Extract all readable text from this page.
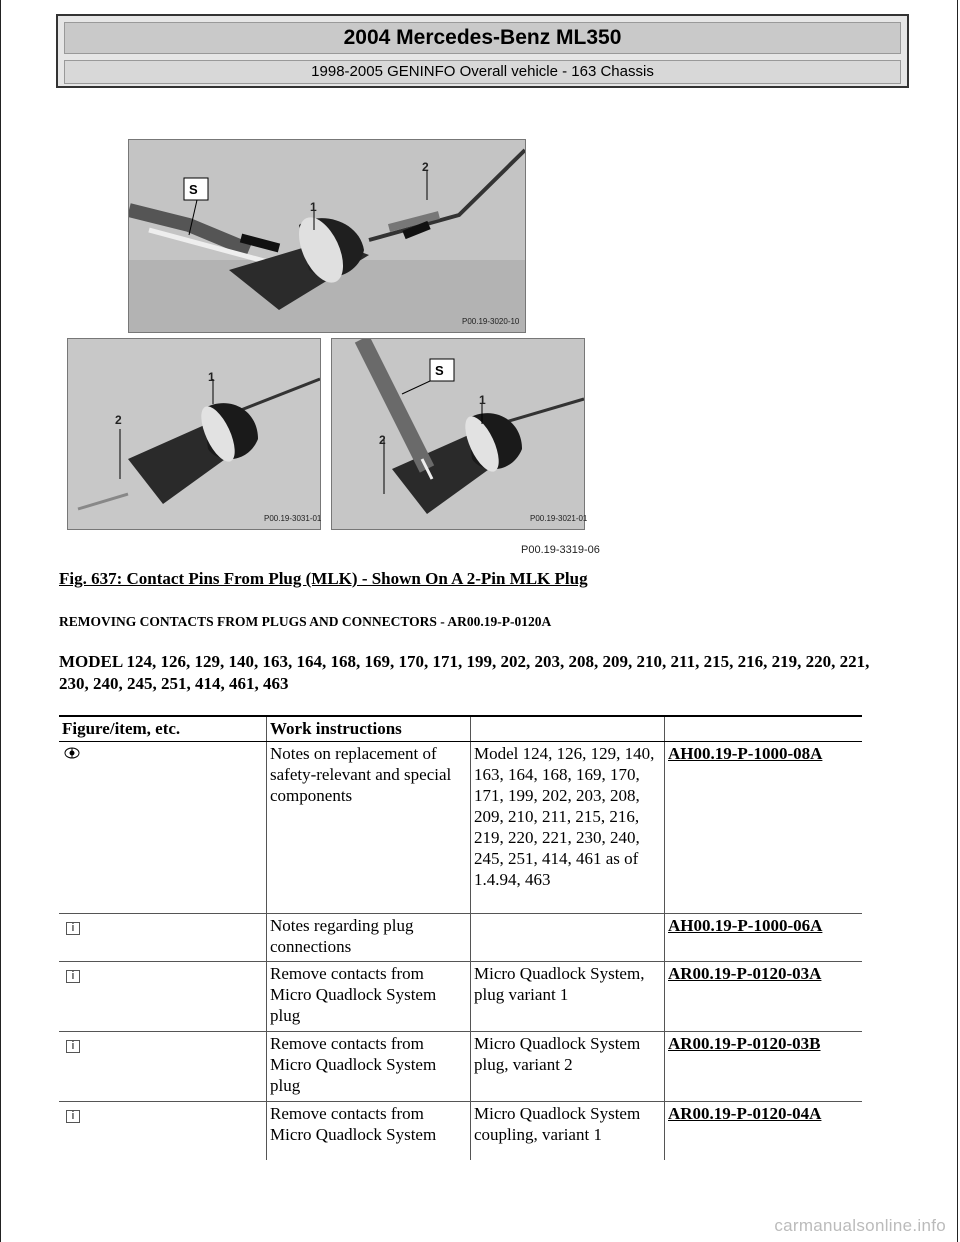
2004 Mercedes-Benz ML350
1998-2005 GENINFO Overall vehicle - 163 Chassis
S
1
2
P00.19-3020-10
1
2
P00.19-3031-01
S
1
2
P00.19-3021-01
P00.19-3319-06
Fig. 637: Contact Pins From Plug (MLK) - Shown On A 2-Pin MLK Plug
REMOVING CONTACTS FROM PLUGS AND CONNECTORS - AR00.19-P-0120A
MODEL 124, 126, 129, 140, 163, 164, 168, 169, 170, 171, 199, 202, 203, 208, 209, 210, 211, 215, 216, 219, 220, 221, 230, 240, 245, 251, 414, 461, 463
Figure/item, etc.	Work instructions		
	Notes on replacement of safety-relevant and special components	Model 124, 126, 129, 140, 163, 164, 168, 169, 170, 171, 199, 202, 203, 208, 209, 210, 211, 215, 216, 219, 220, 221, 230, 240, 245, 251, 414, 461 as of 1.4.94, 463	AH00.19-P-1000-08A
i	Notes regarding plug connections		AH00.19-P-1000-06A
i	Remove contacts from Micro Quadlock System plug	Micro Quadlock System, plug variant 1	AR00.19-P-0120-03A
i	Remove contacts from Micro Quadlock System plug	Micro Quadlock System plug, variant 2	AR00.19-P-0120-03B
i	Remove contacts from Micro Quadlock System	Micro Quadlock System coupling, variant 1	AR00.19-P-0120-04A
carmanualsonline.info
